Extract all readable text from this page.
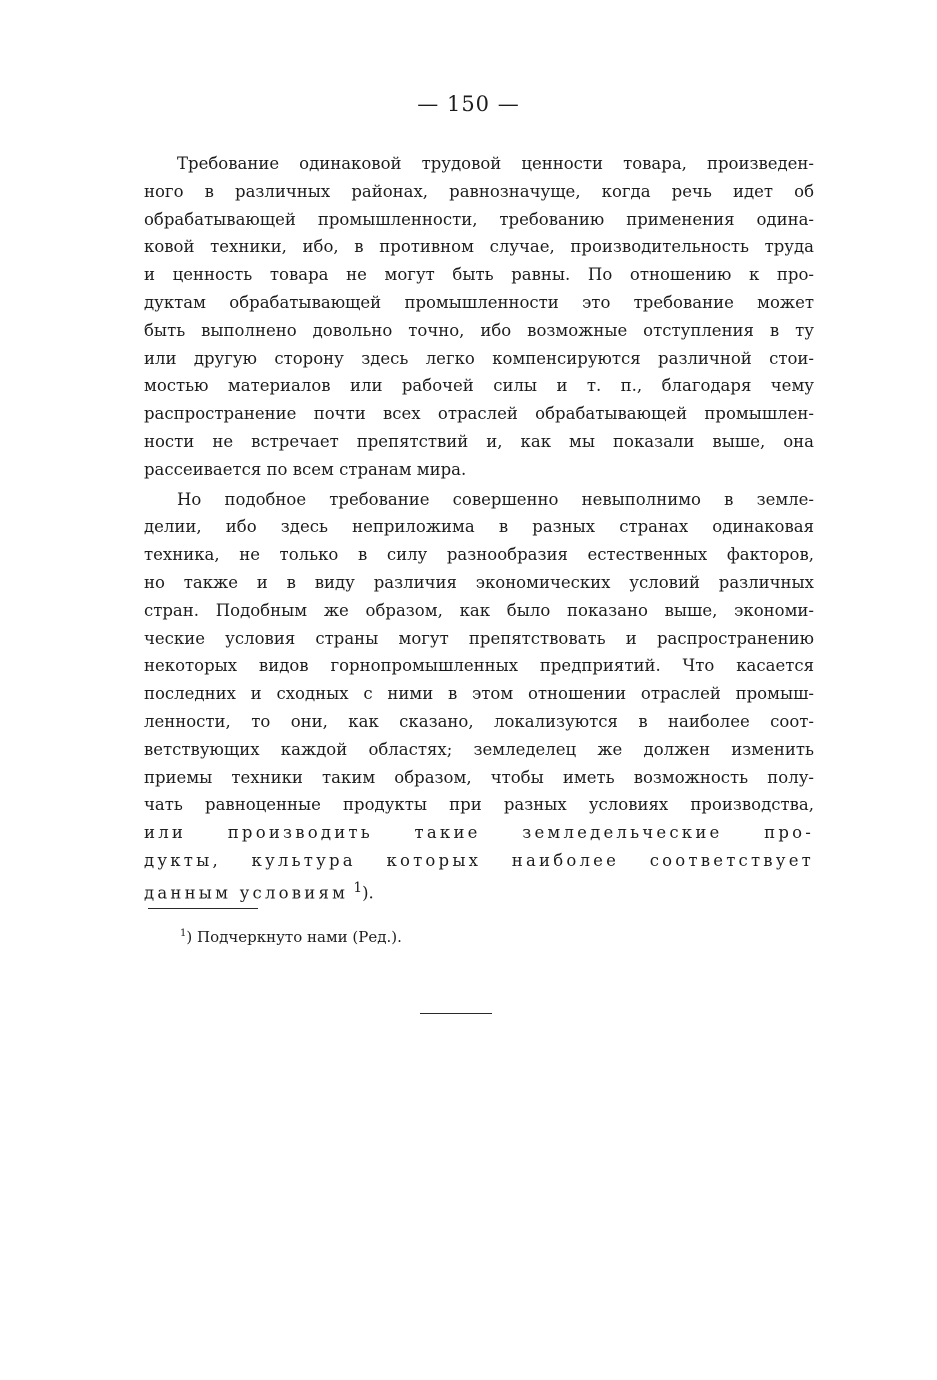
— 150 —

Требование одинаковой трудовой ценности товара, произведен-
ного в различных районах, равнозначуще, когда речь идет об
обрабатывающей промышленности, требованию применения одина-
ковой техники, ибо, в противном случае, производительность труда
и ценность товара не могут быть равны. По отношению к про-
дуктам обрабатывающей промышленности это требование может
быть выполнено довольно точно, ибо возможные отступления в ту
или другую сторону здесь легко компенсируются различной стои-
мостью материалов или рабочей силы и т. п., благодаря чему
распространение почти всех отраслей обрабатывающей промышлен-
ности не встречает препятствий и, как мы показали выше, она
рассеивается по всем странам мира.

Но подобное требование совершенно невыполнимо в земле-
делии, ибо здесь неприложима в разных странах одинаковая
техника, не только в силу разнообразия естественных факторов,
но также и в виду различия экономических условий различных
стран. Подобным же образом, как было показано выше, экономи-
ческие условия страны могут препятствовать и распространению
некоторых видов горнопромышленных предприятий. Что касается
последних и сходных с ними в этом отношении отраслей промыш-
ленности, то они, как сказано, локализуются в наиболее соот-
ветствующих каждой областях; земледелец же должен изменить
приемы техники таким образом, чтобы иметь возможность полу-
чать равноценные продукты при разных условиях производства,
или производить такие земледельческие про-
дукты, культура которых наиболее соответствует
данным условиям $^1$).

$^1$) Подчеркнуто нами (Ред.).
